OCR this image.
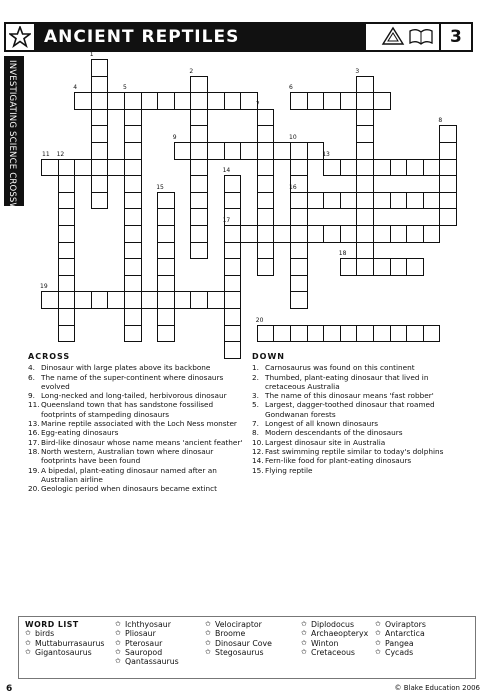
ANCIENT REPTILES	3
INVESTIGATING SCIENCE CROSSWORDS — MIDDLE
1
2	3
4	5	6
7
8
9	10
11 12	13
14
15	16
17
18
19
20
ACROSS
4. Dinosaur with large plates above its backbone
6. The name of the super-continent where dinosaurs evolved
9. Long-necked and long-tailed, herbivorous dinosaur
11. Queensland town that has sandstone fossilised footprints of stampeding dinosaurs
13. Marine reptile associated with the Loch Ness monster
16. Egg-eating dinosaurs
17. Bird-like dinosaur whose name means 'ancient feather'
18. North western, Australian town where dinosaur footprints have been found
19. A bipedal, plant-eating dinosaur named after an Australian airline
20. Geologic period when dinosaurs became extinct
DOWN
1. Carnosaurus was found on this continent
2. Thumbed, plant-eating dinosaur that lived in cretaceous Australia
3. The name of this dinosaur means 'fast robber'
5. Largest, dagger-toothed dinosaur that roamed Gondwanan forests
7. Longest of all known dinosaurs
8. Modern descendants of the dinosaurs
10. Largest dinosaur site in Australia
12. Fast swimming reptile similar to today's dolphins
14. Fern-like food for plant-eating dinosaurs
15. Flying reptile
WORD LIST
✩ birds
✩ Muttaburrasaurus
✩ Gigantosaurus
✩ Ichthyosaur
✩ Pliosaur
✩ Pterosaur
✩ Sauropod
✩ Qantassaurus
✩ Velociraptor
✩ Broome
✩ Dinosaur Cove
✩ Stegosaurus
✩ Diplodocus
✩ Archaeopteryx
✩ Winton
✩ Cretaceous
✩ Oviraptors
✩ Antarctica
✩ Pangea
✩ Cycads
6	© Blake Education 2006
